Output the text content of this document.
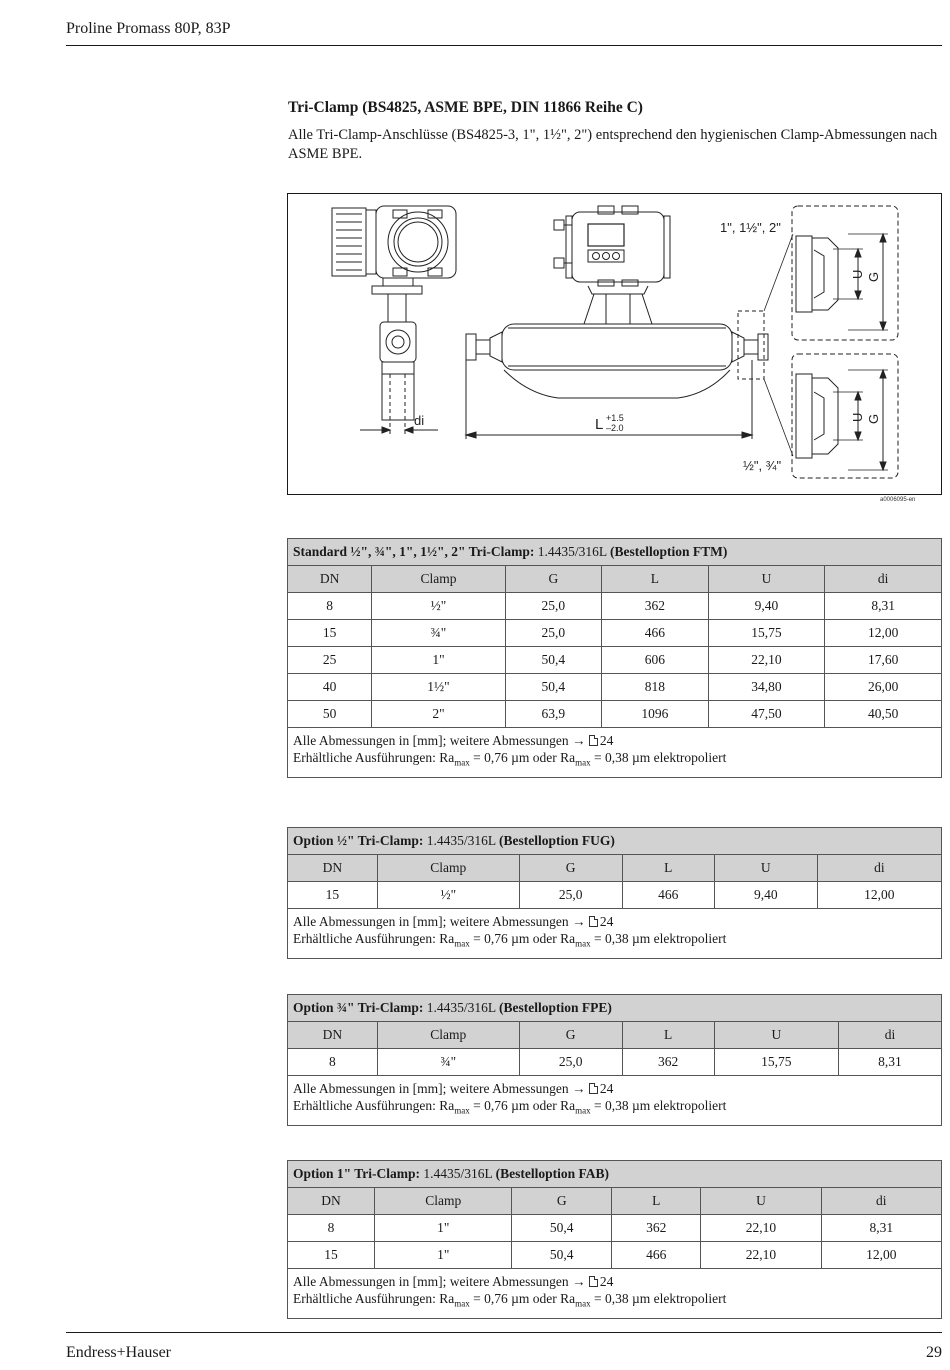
Proline Promass 80P, 83P
Tri-Clamp (BS4825, ASME BPE, DIN 11866 Reihe C)
Alle Tri-Clamp-Anschlüsse (BS4825-3, 1", 1½", 2") entsprechend den hygienischen Clamp-Abmessungen nach ASME BPE.
1", 1½", 2"
½", ¾"
di	L +1.5
–2.0
U G
U G
a0006095-en
Standard ½", ¾", 1", 1½", 2" Tri-Clamp: 1.4435/316L (Bestelloption FTM)					
DN	Clamp	G	L	U	di
8	½"	25,0	362	9,40	8,31
15	¾"	25,0	466	15,75	12,00
25	1"	50,4	606	22,10	17,60
40	1½"	50,4	818	34,80	26,00
50	2"	63,9	1096	47,50	40,50
Alle Abmessungen in [mm]; weitere Abmessungen → 24
Erhältliche Ausführungen: $Ra_{max} = 0,76$ µm oder $Ra_{max} = 0,38$ µm elektropoliert					
Option ½" Tri-Clamp: 1.4435/316L (Bestelloption FUG)					
DN	Clamp	G	L	U	di
15	½"	25,0	466	9,40	12,00
Alle Abmessungen in [mm]; weitere Abmessungen → 24
Erhältliche Ausführungen: $Ra_{max} = 0,76$ µm oder $Ra_{max} = 0,38$ µm elektropoliert					
Option ¾" Tri-Clamp: 1.4435/316L (Bestelloption FPE)					
DN	Clamp	G	L	U	di
8	¾"	25,0	362	15,75	8,31
Alle Abmessungen in [mm]; weitere Abmessungen → 24
Erhältliche Ausführungen: $Ra_{max} = 0,76$ µm oder $Ra_{max} = 0,38$ µm elektropoliert					
Option 1" Tri-Clamp: 1.4435/316L (Bestelloption FAB)					
DN	Clamp	G	L	U	di
8	1"	50,4	362	22,10	8,31
15	1"	50,4	466	22,10	12,00
Alle Abmessungen in [mm]; weitere Abmessungen → 24
Erhältliche Ausführungen: $Ra_{max} = 0,76$ µm oder $Ra_{max} = 0,38$ µm elektropoliert					
Endress+Hauser	29
